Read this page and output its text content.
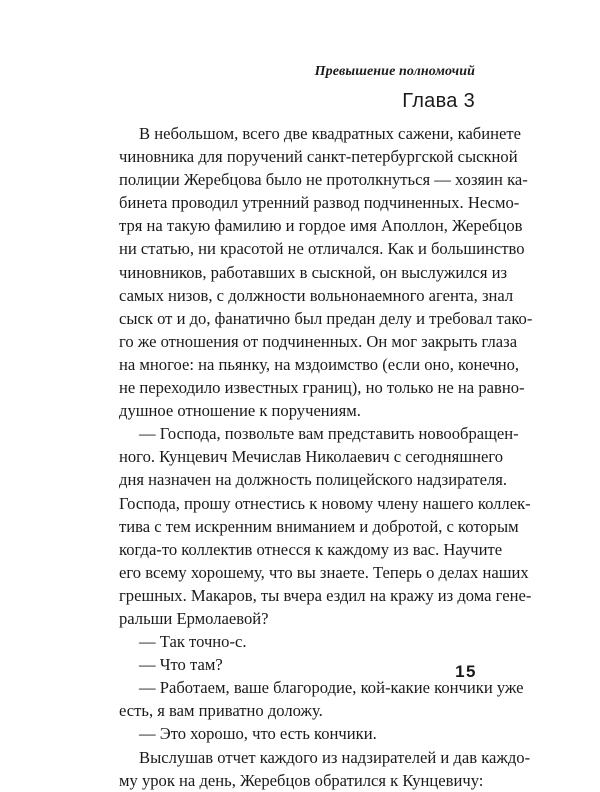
Превышение полномочий
Глава 3
В небольшом, всего две квадратных сажени, кабинете
чиновника для поручений санкт-петербургской сыскной
полиции Жеребцова было не протолкнуться — хозяин ка-
бинета проводил утренний развод подчиненных. Несмо-
тря на такую фамилию и гордое имя Аполлон, Жеребцов
ни статью, ни красотой не отличался. Как и большинство
чиновников, работавших в сыскной, он выслужился из
самых низов, с должности вольнонаемного агента, знал
сыск от и до, фанатично был предан делу и требовал тако-
го же отношения от подчиненных. Он мог закрыть глаза
на многое: на пьянку, на мздоимство (если оно, конечно,
не переходило известных границ), но только не на равно-
душное отношение к поручениям.
— Господа, позвольте вам представить новообращен-
ного. Кунцевич Мечислав Николаевич с сегодняшнего
дня назначен на должность полицейского надзирателя.
Господа, прошу отнестись к новому члену нашего коллек-
тива с тем искренним вниманием и добротой, с которым
когда-то коллектив отнесся к каждому из вас. Научите
его всему хорошему, что вы знаете. Теперь о делах наших
грешных. Макаров, ты вчера ездил на кражу из дома гене-
ральши Ермолаевой?
— Так точно-с.
— Что там?
— Работаем, ваше благородие, кой-какие кончики уже
есть, я вам приватно доложу.
— Это хорошо, что есть кончики.
Выслушав отчет каждого из надзирателей и дав каждо-
му урок на день, Жеребцов обратился к Кунцевичу:
15
